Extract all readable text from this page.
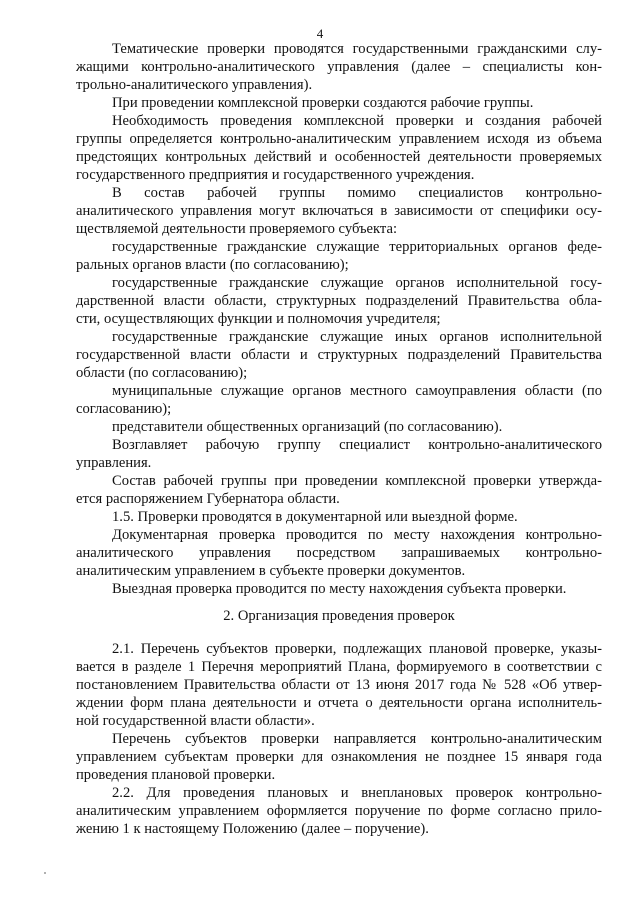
4
Тематические проверки проводятся государственными гражданскими слу-
жащими контрольно-аналитического управления (далее – специалисты кон-
трольно-аналитического управления).
При проведении комплексной проверки создаются рабочие группы.
Необходимость проведения комплексной проверки и создания рабочей
группы определяется контрольно-аналитическим управлением исходя из объема
предстоящих контрольных действий и особенностей деятельности проверяемых
государственного предприятия и государственного учреждения.
В состав рабочей группы помимо специалистов контрольно-
аналитического управления могут включаться в зависимости от специфики осу-
ществляемой деятельности проверяемого субъекта:
государственные гражданские служащие территориальных органов феде-
ральных органов власти (по согласованию);
государственные гражданские служащие органов исполнительной госу-
дарственной власти области, структурных подразделений Правительства обла-
сти, осуществляющих функции и полномочия учредителя;
государственные гражданские служащие иных органов исполнительной
государственной власти области и структурных подразделений Правительства
области (по согласованию);
муниципальные служащие органов местного самоуправления области (по
согласованию);
представители общественных организаций (по согласованию).
Возглавляет рабочую группу специалист контрольно-аналитического
управления.
Состав рабочей группы при проведении комплексной проверки утвержда-
ется распоряжением Губернатора области.
1.5. Проверки проводятся в документарной или выездной форме.
Документарная проверка проводится по месту нахождения контрольно-
аналитического управления посредством запрашиваемых контрольно-
аналитическим управлением в субъекте проверки документов.
Выездная проверка проводится по месту нахождения субъекта проверки.
2. Организация проведения проверок
2.1. Перечень субъектов проверки, подлежащих плановой проверке, указы-
вается в разделе 1 Перечня мероприятий Плана, формируемого в соответствии с
постановлением Правительства области от 13 июня 2017 года № 528 «Об утвер-
ждении форм плана деятельности и отчета о деятельности органа исполнитель-
ной государственной власти области».
Перечень субъектов проверки направляется контрольно-аналитическим
управлением субъектам проверки для ознакомления не позднее 15 января года
проведения плановой проверки.
2.2. Для проведения плановых и внеплановых проверок контрольно-
аналитическим управлением оформляется поручение по форме согласно прило-
жению 1 к настоящему Положению (далее – поручение).
